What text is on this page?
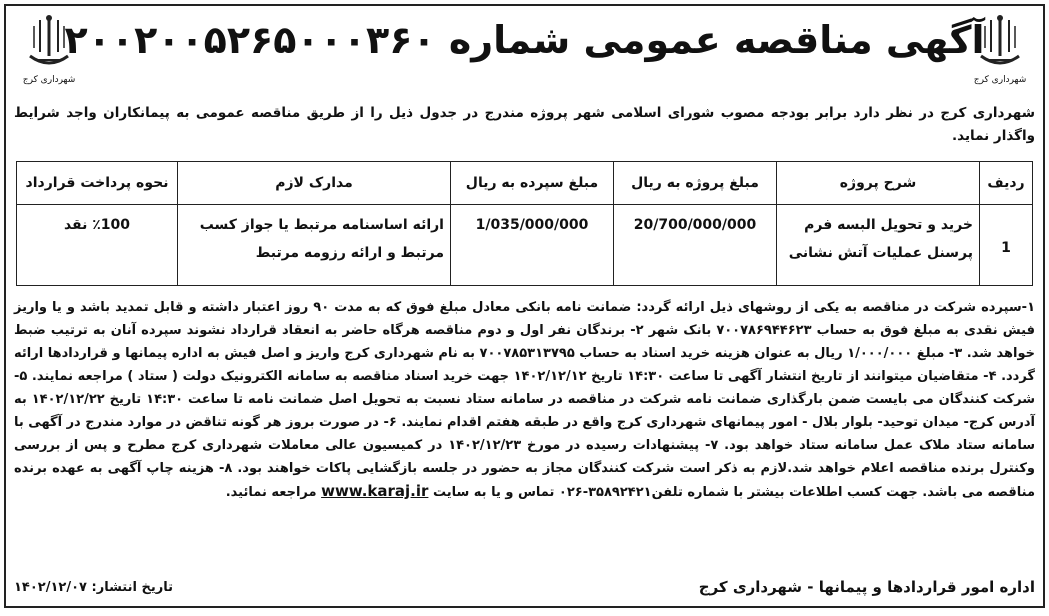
شهرداری کرج
آگهی مناقصه عمومی شماره ۲۰۰۲۰۰۵۲۶۵۰۰۰۳۶۰
شهرداری کرج
شهرداری کرج در نظر دارد برابر بودجه مصوب شورای اسلامی شهر پروژه مندرج در جدول ذیل را از طریق مناقصه عمومی به پیمانکاران واجد شرایط واگذار نماید.
ردیف	شرح پروژه	مبلغ پروژه به ریال	مبلغ سپرده به ریال	مدارک لازم	نحوه پرداخت قرارداد
1	خرید و تحویل البسه فرم پرسنل عملیات آتش نشانی	20/700/000/000	1/035/000/000	ارائه اساسنامه مرتبط یا جواز کسب مرتبط و ارائه رزومه مرتبط	٪100 نقد
۱-سپرده شرکت در مناقصه به یکی از روشهای ذیل ارائه گردد: ضمانت نامه بانکی معادل مبلغ فوق که به مدت ۹۰ روز اعتبار داشته و قابل تمدید باشد و یا واریز فیش نقدی به مبلغ فوق به حساب ۷۰۰۷۸۶۹۴۴۶۲۳ بانک شهر ۲- برندگان نفر اول و دوم مناقصه هرگاه حاضر به انعقاد قرارداد نشوند سپرده آنان به ترتیب ضبط خواهد شد. ۳- مبلغ ۱/۰۰۰/۰۰۰ ریال به عنوان هزینه خرید اسناد به حساب ۷۰۰۷۸۵۳۱۳۷۹۵ به نام شهرداری کرج واریز و اصل فیش به اداره پیمانها و قراردادها ارائه گردد. ۴- متقاضیان میتوانند از تاریخ انتشار آگهی تا ساعت ۱۴:۳۰ تاریخ ۱۴۰۲/۱۲/۱۲ جهت خرید اسناد مناقصه به سامانه الکترونیک دولت ( ستاد ) مراجعه نمایند. ۵- شرکت کنندگان می بایست ضمن بارگذاری ضمانت نامه شرکت در مناقصه در سامانه ستاد نسبت به تحویل اصل ضمانت نامه تا ساعت ۱۴:۳۰ تاریخ ۱۴۰۲/۱۲/۲۲ به آدرس کرج- میدان توحید- بلوار بلال - امور پیمانهای شهرداری کرج واقع در طبقه هفتم اقدام نمایند. ۶- در صورت بروز هر گونه تناقض در موارد مندرج در آگهی با سامانه ستاد ملاک عمل سامانه ستاد خواهد بود. ۷- پیشنهادات رسیده در مورخ ۱۴۰۲/۱۲/۲۳ در کمیسیون عالی معاملات شهرداری کرج مطرح و پس از بررسی وکنترل برنده مناقصه اعلام خواهد شد.لازم به ذکر است شرکت کنندگان مجاز به حضور در جلسه بازگشایی پاکات خواهند بود. ۸- هزینه چاپ آگهی به عهده برنده مناقصه می باشد. جهت کسب اطلاعات بیشتر با شماره تلفن۳۵۸۹۲۴۲۱-۰۲۶ تماس و یا به سایت www.karaj.ir مراجعه نمائید.
اداره امور قراردادها و پیمانها - شهرداری کرج
تاریخ انتشار: ۱۴۰۲/۱۲/۰۷
